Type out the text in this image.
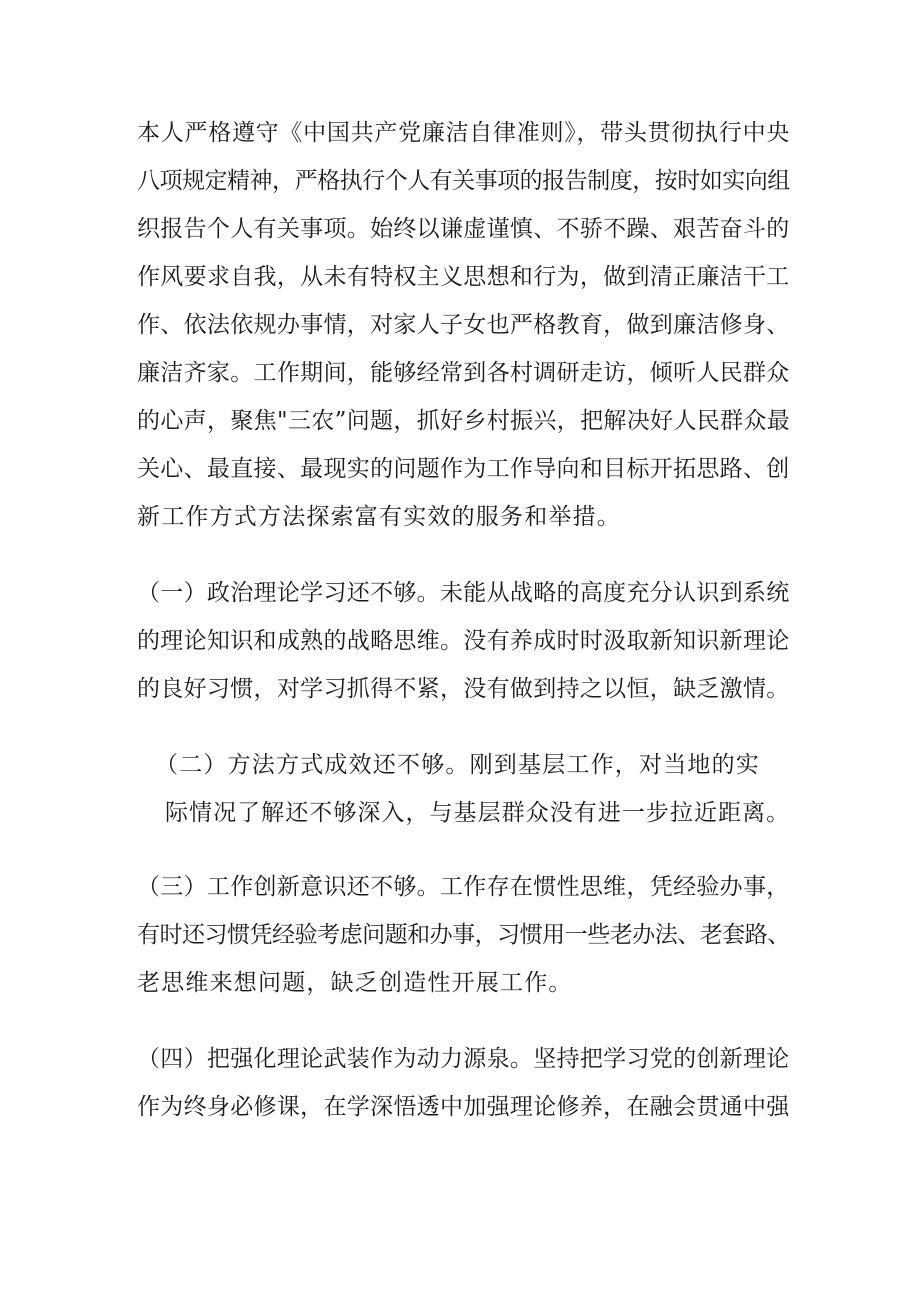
本人严格遵守《中国共产党廉洁自律准则》，带头贯彻执行中央
八项规定精神，严格执行个人有关事项的报告制度，按时如实向组
织报告个人有关事项。始终以谦虚谨慎、不骄不躁、艰苦奋斗的
作风要求自我，从未有特权主义思想和行为，做到清正廉洁干工
作、依法依规办事情，对家人子女也严格教育，做到廉洁修身、
廉洁齐家。工作期间，能够经常到各村调研走访，倾听人民群众
的心声，聚焦"三农”问题，抓好乡村振兴，把解决好人民群众最
关心、最直接、最现实的问题作为工作导向和目标开拓思路、创
新工作方式方法探索富有实效的服务和举措。
（一）政治理论学习还不够。未能从战略的高度充分认识到系统
的理论知识和成熟的战略思维。没有养成时时汲取新知识新理论
的良好习惯，对学习抓得不紧，没有做到持之以恒，缺乏激情。
（二）方法方式成效还不够。刚到基层工作，对当地的实
际情况了解还不够深入，与基层群众没有进一步拉近距离。
（三）工作创新意识还不够。工作存在惯性思维，凭经验办事，
有时还习惯凭经验考虑问题和办事，习惯用一些老办法、老套路、
老思维来想问题，缺乏创造性开展工作。
（四）把强化理论武装作为动力源泉。坚持把学习党的创新理论
作为终身必修课，在学深悟透中加强理论修养，在融会贯通中强
